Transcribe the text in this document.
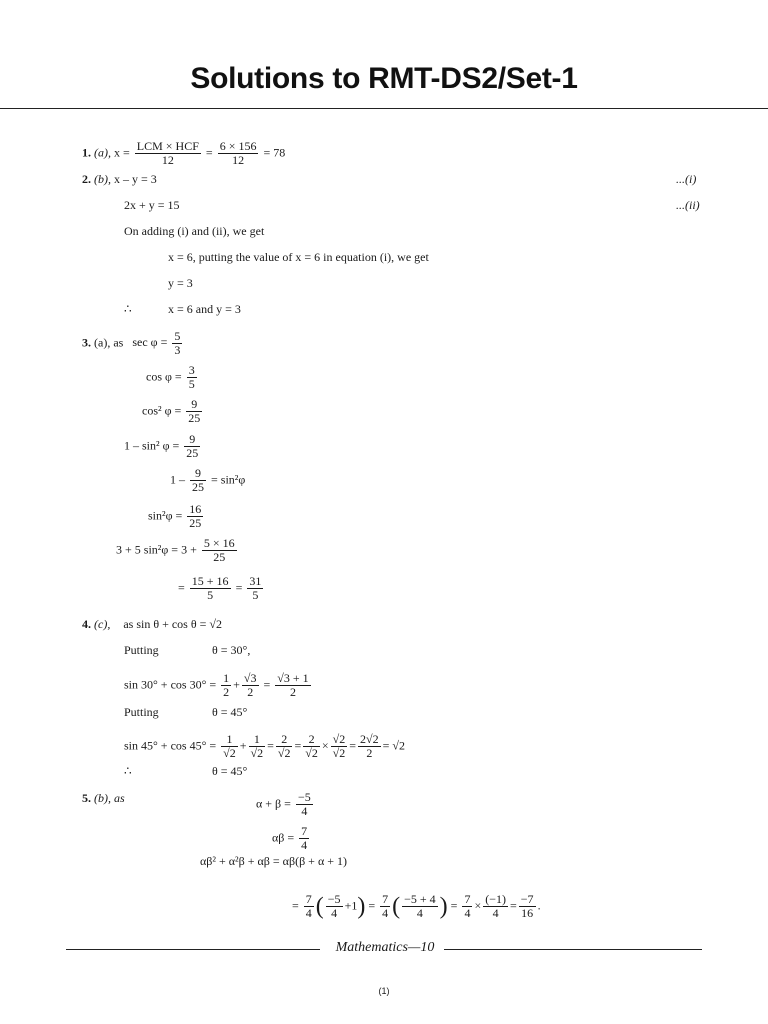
Solutions to RMT-DS2/Set-1
1. (a), $x = \frac{\text{LCM × HCF}}{12} = \frac{6 \times 156}{12} = 78$
2. (b), x – y = 3	...(i)
2x + y = 15	...(ii)
On adding (i) and (ii), we get
x = 6, putting the value of x = 6 in equation (i), we get
y = 3
∴	x = 6 and y = 3
3. (a), as $\sec \varphi = \frac{5}{3}$
$\cos \varphi = \frac{3}{5}$
cos² $\varphi = \frac{9}{25}$
1 – sin² $\varphi = \frac{9}{25}$
$1 - \frac{9}{25} = \sin^2\varphi$
$\sin^2\varphi = \frac{16}{25}$
3 + 5 $\sin^2\varphi = 3 + \frac{5 \times 16}{25}$
= $\frac{15 + 16}{5} = \frac{31}{5}$
4. (c), as sin θ + cos θ = √2
Putting	θ = 30°,
$\sin 30^\circ + \cos 30^\circ = \frac{1}{2} + \frac{√3}{2} = \frac{√3 + 1}{2}$
Putting	θ = 45°
$\sin 45^\circ + \cos 45^\circ = \frac{1}{√2} + \frac{1}{√2} = \frac{2}{√2} = \frac{2}{√2} \times \frac{√2}{√2} = \frac{2√2}{2} = √2$
∴	θ = 45°
5. (b), as	$\alpha + \beta = \frac{-5}{4}$
$\alpha\beta = \frac{7}{4}$
αβ² + α²β + αβ = αβ(β + α + 1)
= $\frac{7}{4}$ ( $\frac{-5}{4} +1) = \frac{7}{4}$ ( $\frac{-5 + 4}{4}$ ) = $\frac{7}{4} \times \frac{(-1)}{4} = \frac{-7}{16}$ .
Mathematics—10
(1)
